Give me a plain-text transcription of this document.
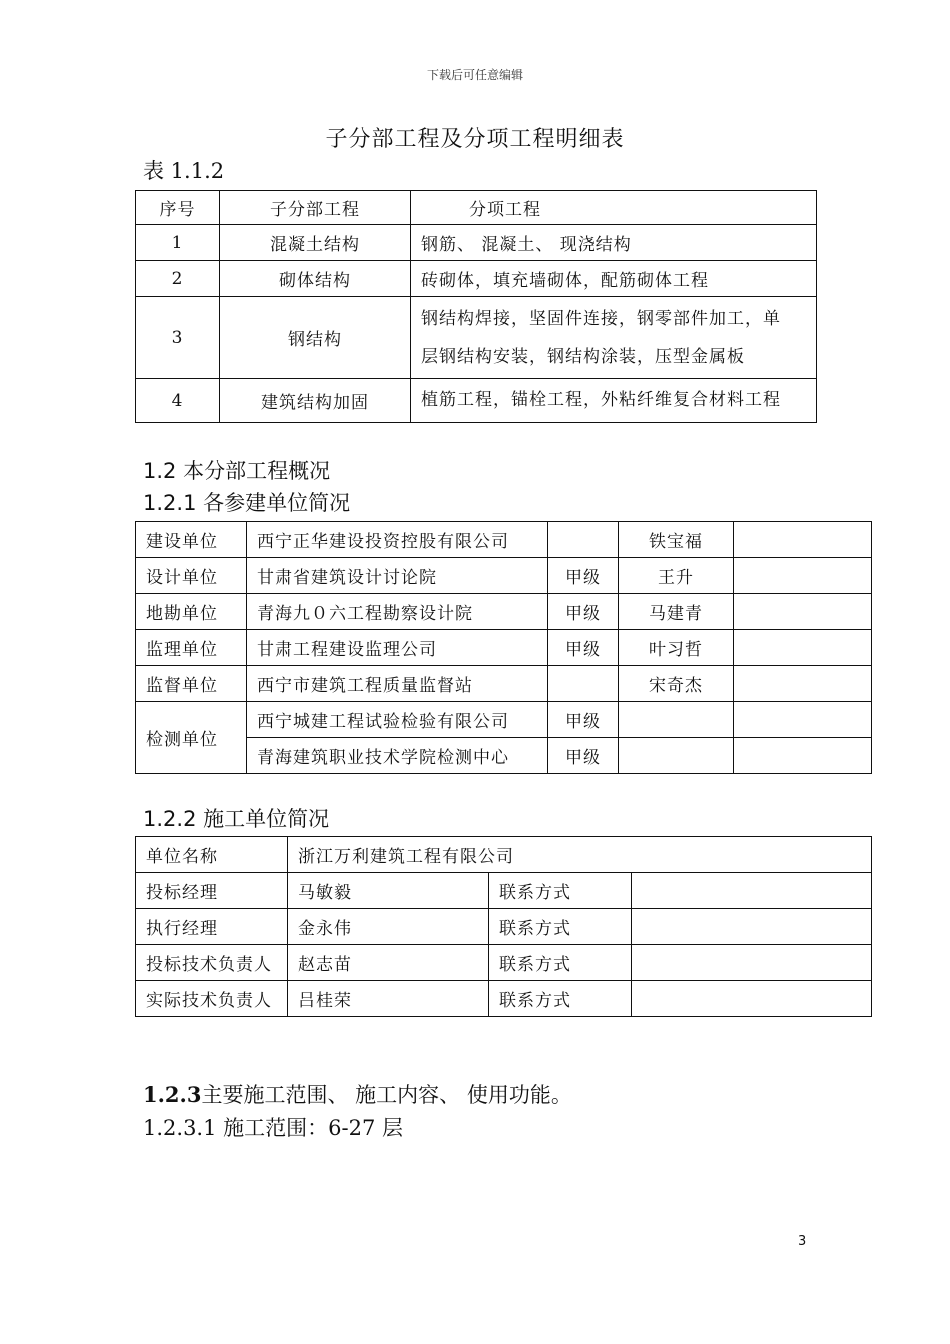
下载后可任意编辑
子分部工程及分项工程明细表
表 1.1.2
序号	子分部工程	分项工程
1	混凝土结构	钢筋、 混凝土、 现浇结构
2	砌体结构	砖砌体，填充墙砌体，配筋砌体工程
3	钢结构	钢结构焊接，坚固件连接，钢零部件加工，单
层钢结构安装，钢结构涂装，压型金属板

4	建筑结构加固	植筋工程，锚栓工程，外粘纤维复合材料工程
1.2 本分部工程概况
1.2.1 各参建单位简况
建设单位	西宁正华建设投资控股有限公司		铁宝福	
设计单位	甘肃省建筑设计讨论院	甲级	王升	
地勘单位	青海九０六工程勘察设计院	甲级	马建青	
监理单位	甘肃工程建设监理公司	甲级	叶习哲	
监督单位	西宁市建筑工程质量监督站		宋奇杰	
检测单位	西宁城建工程试验检验有限公司	甲级		
	青海建筑职业技术学院检测中心	甲级		
1.2.2 施工单位简况
单位名称	浙江万利建筑工程有限公司		
投标经理	马敏毅	联系方式	
执行经理	金永伟	联系方式	
投标技术负责人	赵志苗	联系方式	
实际技术负责人	吕桂荣	联系方式	
1.2.3主要施工范围、 施工内容、 使用功能。
1.2.3.1 施工范围：6-27 层
3
